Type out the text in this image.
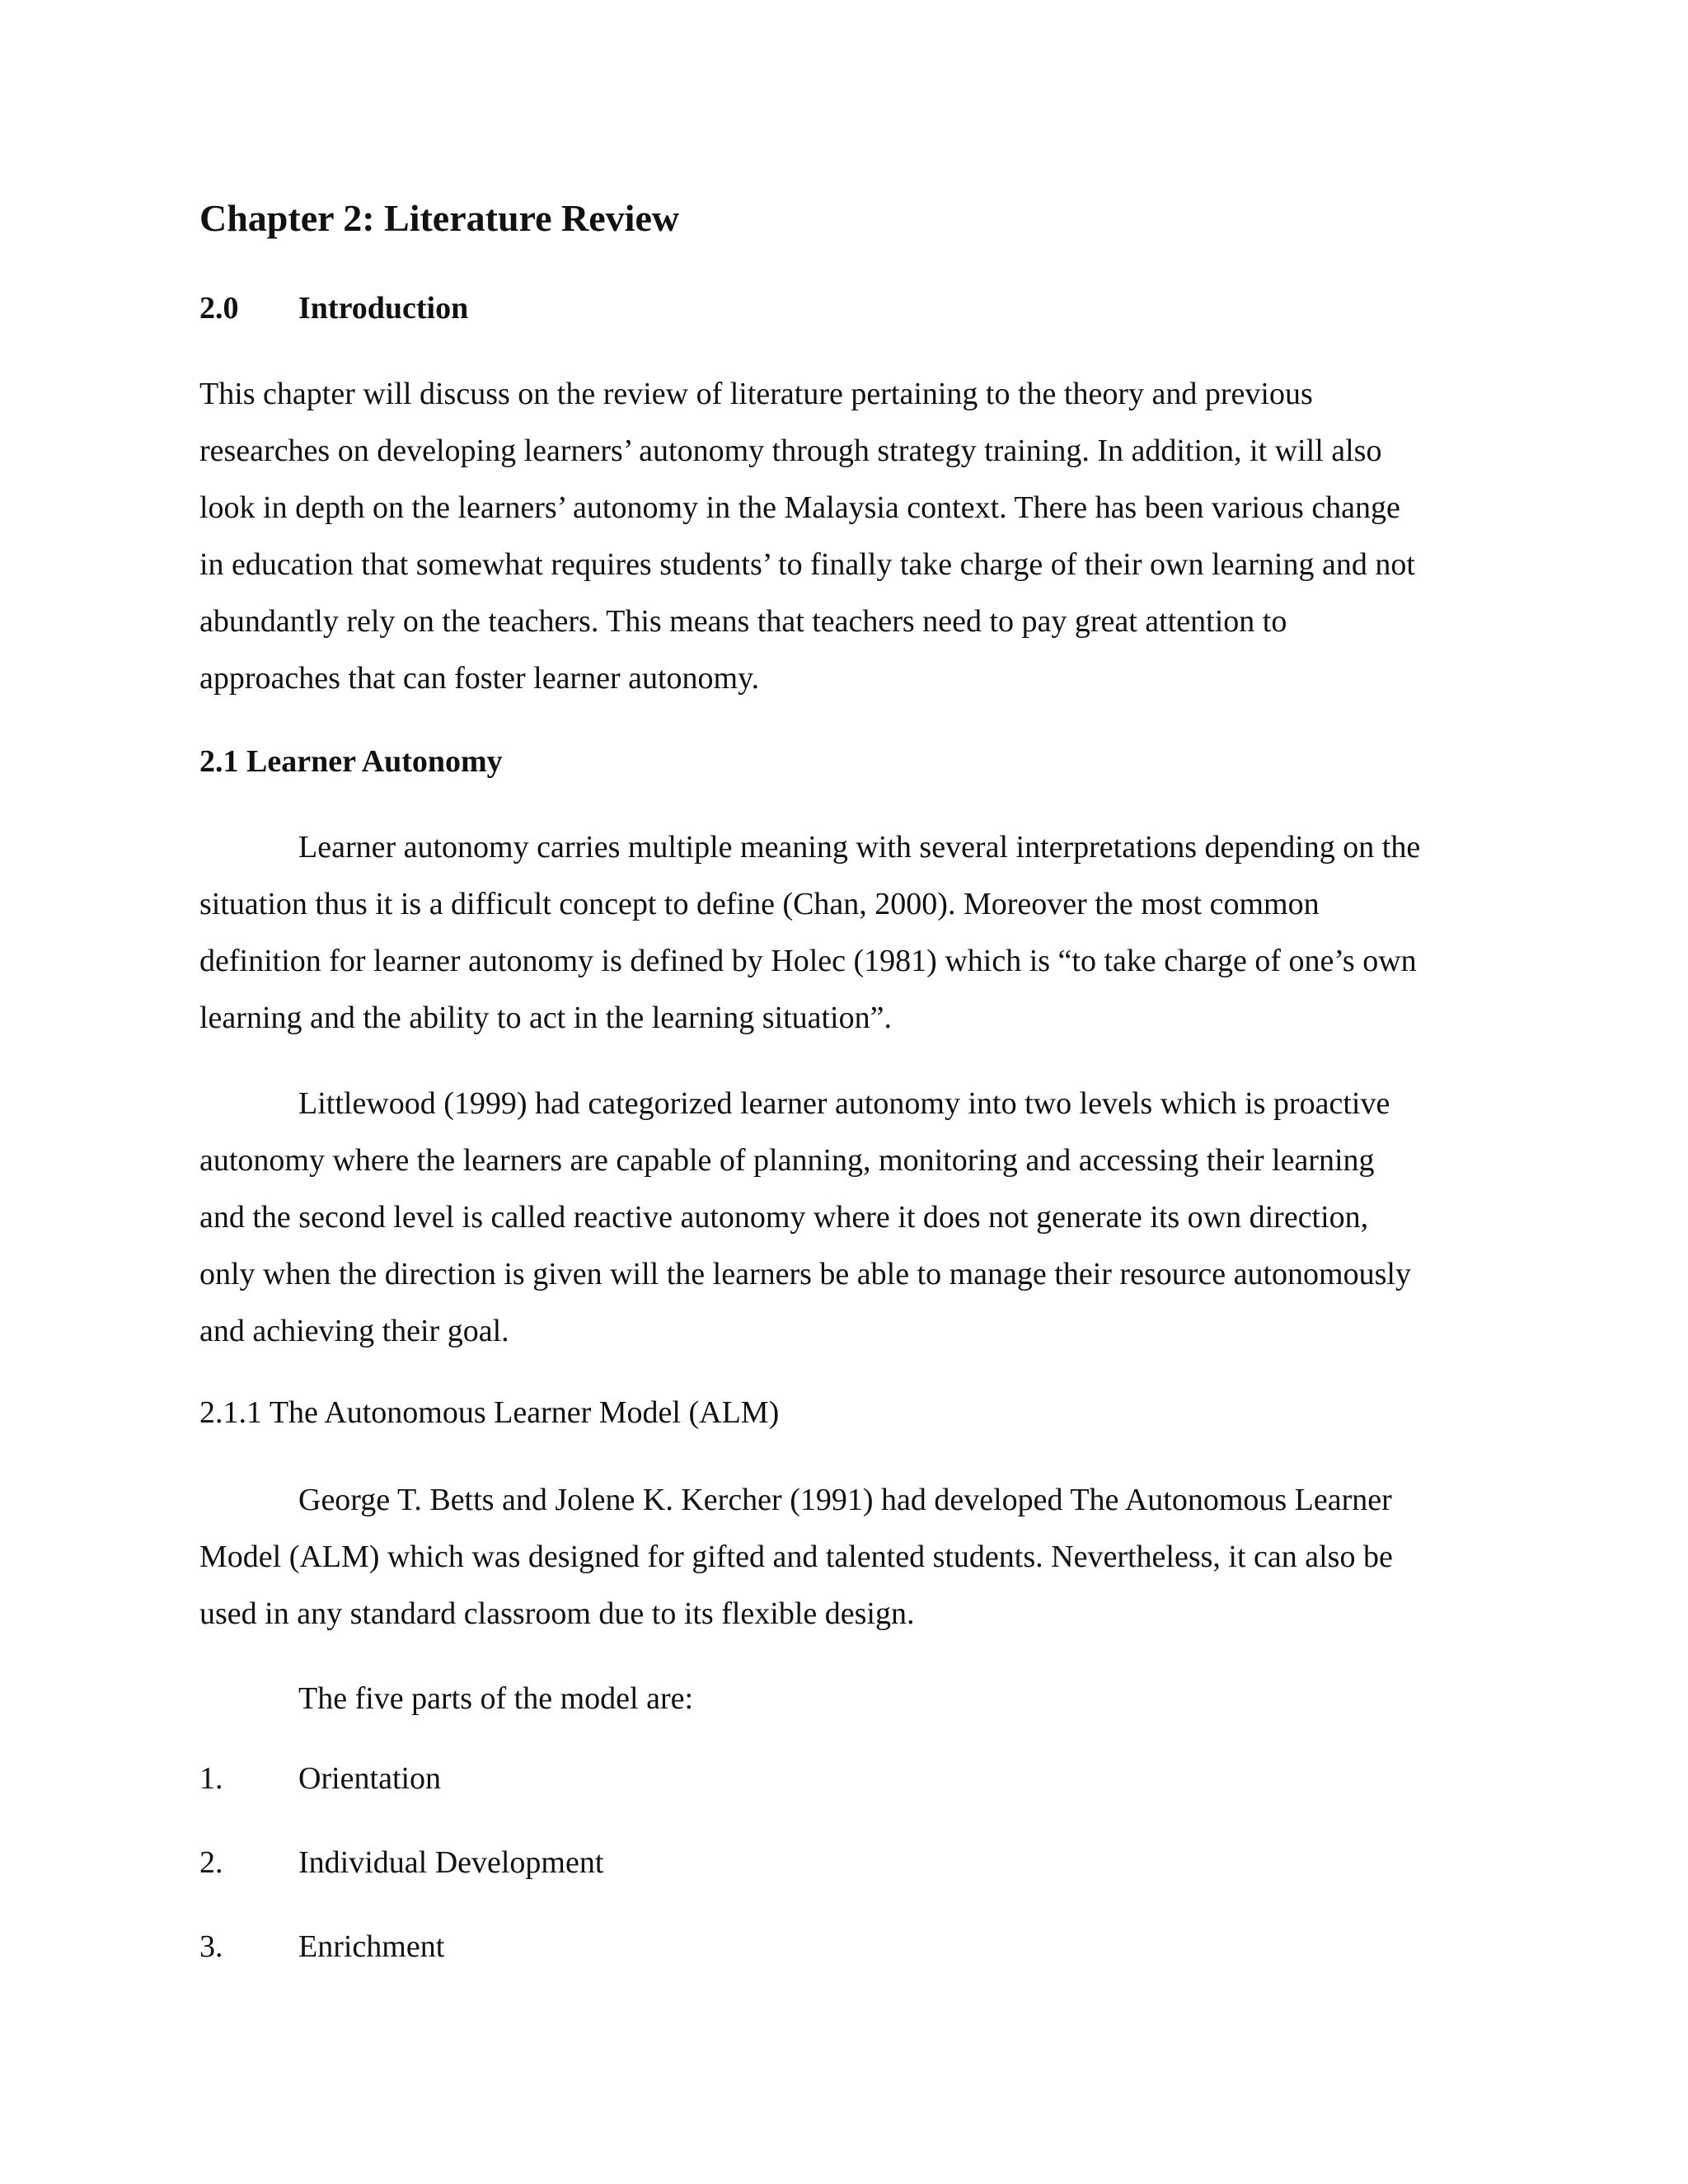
Chapter 2: Literature Review
2.0 Introduction
This chapter will discuss on the review of literature pertaining to the theory and previous
researches on developing learners’ autonomy through strategy training. In addition, it will also
look in depth on the learners’ autonomy in the Malaysia context. There has been various change
in education that somewhat requires students’ to finally take charge of their own learning and not
abundantly rely on the teachers. This means that teachers need to pay great attention to
approaches that can foster learner autonomy.
2.1 Learner Autonomy
Learner autonomy carries multiple meaning with several interpretations depending on the
situation thus it is a difficult concept to define (Chan, 2000). Moreover the most common
definition for learner autonomy is defined by Holec (1981) which is “to take charge of one’s own
learning and the ability to act in the learning situation”.
Littlewood (1999) had categorized learner autonomy into two levels which is proactive
autonomy where the learners are capable of planning, monitoring and accessing their learning
and the second level is called reactive autonomy where it does not generate its own direction,
only when the direction is given will the learners be able to manage their resource autonomously
and achieving their goal.
2.1.1 The Autonomous Learner Model (ALM)
George T. Betts and Jolene K. Kercher (1991) had developed The Autonomous Learner
Model (ALM) which was designed for gifted and talented students. Nevertheless, it can also be
used in any standard classroom due to its flexible design.
The five parts of the model are:
1. Orientation
2. Individual Development
3. Enrichment
